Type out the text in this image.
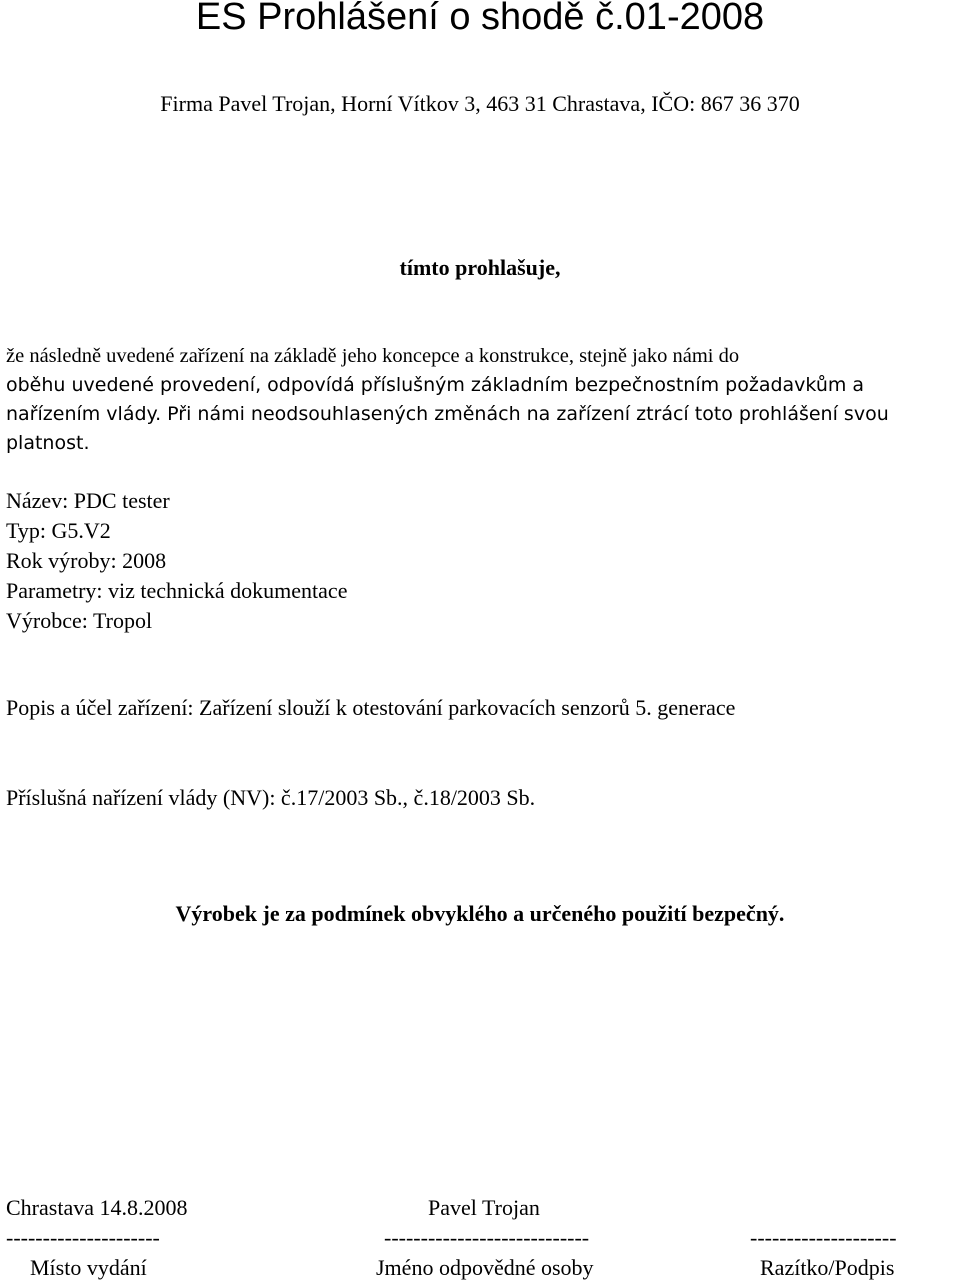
ES Prohlášení o shodě č.01-2008
Firma Pavel Trojan, Horní Vítkov 3, 463 31 Chrastava, IČO: 867 36 370
tímto prohlašuje,
že následně uvedené zařízení na základě jeho koncepce a konstrukce, stejně jako námi do
oběhu uvedené provedení, odpovídá příslušným základním bezpečnostním požadavkům a
nařízením vlády. Při námi neodsouhlasených změnách na zařízení ztrácí toto prohlášení svou
platnost.
Název: PDC tester
Typ: G5.V2
Rok výroby: 2008
Parametry: viz technická dokumentace
Výrobce: Tropol
Popis a účel zařízení: Zařízení slouží k otestování parkovacích senzorů 5. generace
Příslušná nařízení vlády (NV): č.17/2003 Sb., č.18/2003 Sb.
Výrobek je za podmínek obvyklého a určeného použití bezpečný.
Chrastava 14.8.2008	Pavel Trojan
---------------------	----------------------------	--------------------
Místo vydání	Jméno odpovědné osoby	Razítko/Podpis
